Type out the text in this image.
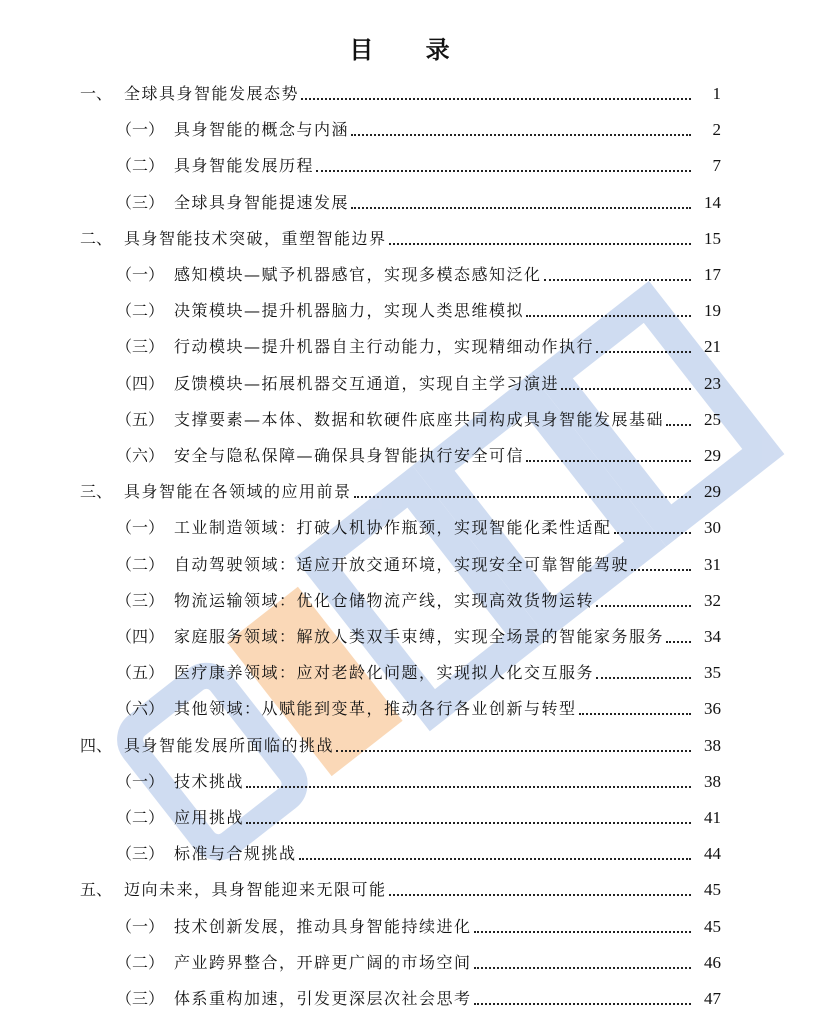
目 录
一、 全球具身智能发展态势	1
（一） 具身智能的概念与内涵	2
（二） 具身智能发展历程	7
（三） 全球具身智能提速发展	14
二、 具身智能技术突破，重塑智能边界	15
（一） 感知模块—赋予机器感官，实现多模态感知泛化	17
（二） 决策模块—提升机器脑力，实现人类思维模拟	19
（三） 行动模块—提升机器自主行动能力，实现精细动作执行	21
（四） 反馈模块—拓展机器交互通道，实现自主学习演进	23
（五） 支撑要素—本体、数据和软硬件底座共同构成具身智能发展基础	25
（六） 安全与隐私保障—确保具身智能执行安全可信	29
三、 具身智能在各领域的应用前景	29
（一） 工业制造领域：打破人机协作瓶颈，实现智能化柔性适配	30
（二） 自动驾驶领域：适应开放交通环境，实现安全可靠智能驾驶	31
（三） 物流运输领域：优化仓储物流产线，实现高效货物运转	32
（四） 家庭服务领域：解放人类双手束缚，实现全场景的智能家务服务	34
（五） 医疗康养领域：应对老龄化问题，实现拟人化交互服务	35
（六） 其他领域：从赋能到变革，推动各行各业创新与转型	36
四、 具身智能发展所面临的挑战	38
（一） 技术挑战	38
（二） 应用挑战	41
（三） 标准与合规挑战	44
五、 迈向未来，具身智能迎来无限可能	45
（一） 技术创新发展，推动具身智能持续进化	45
（二） 产业跨界整合，开辟更广阔的市场空间	46
（三） 体系重构加速，引发更深层次社会思考	47
